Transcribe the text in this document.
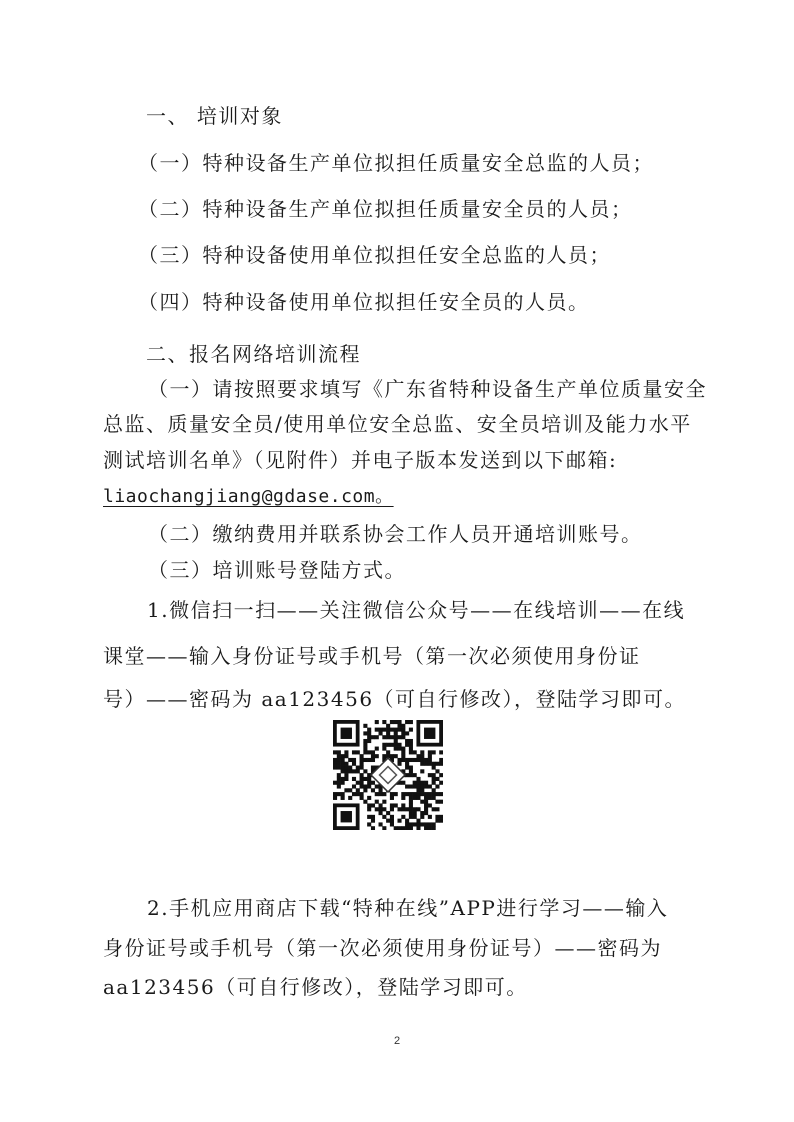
一、 培训对象
（一）特种设备生产单位拟担任质量安全总监的人员；
（二）特种设备生产单位拟担任质量安全员的人员；
（三）特种设备使用单位拟担任安全总监的人员；
（四）特种设备使用单位拟担任安全员的人员。
二、报名网络培训流程
（一）请按照要求填写《广东省特种设备生产单位质量安全
总监、质量安全员/使用单位安全总监、安全员培训及能力水平
测试培训名单》（见附件）并电子版本发送到以下邮箱:
liaochangjiang@gdase.com。
（二）缴纳费用并联系协会工作人员开通培训账号。
（三）培训账号登陆方式。
1.微信扫一扫——关注微信公众号——在线培训——在线
课堂——输入身份证号或手机号（第一次必须使用身份证
号）——密码为 aa123456（可自行修改），登陆学习即可。
2.手机应用商店下载“特种在线”APP进行学习——输入
身份证号或手机号（第一次必须使用身份证号）——密码为
aa123456（可自行修改），登陆学习即可。
2
